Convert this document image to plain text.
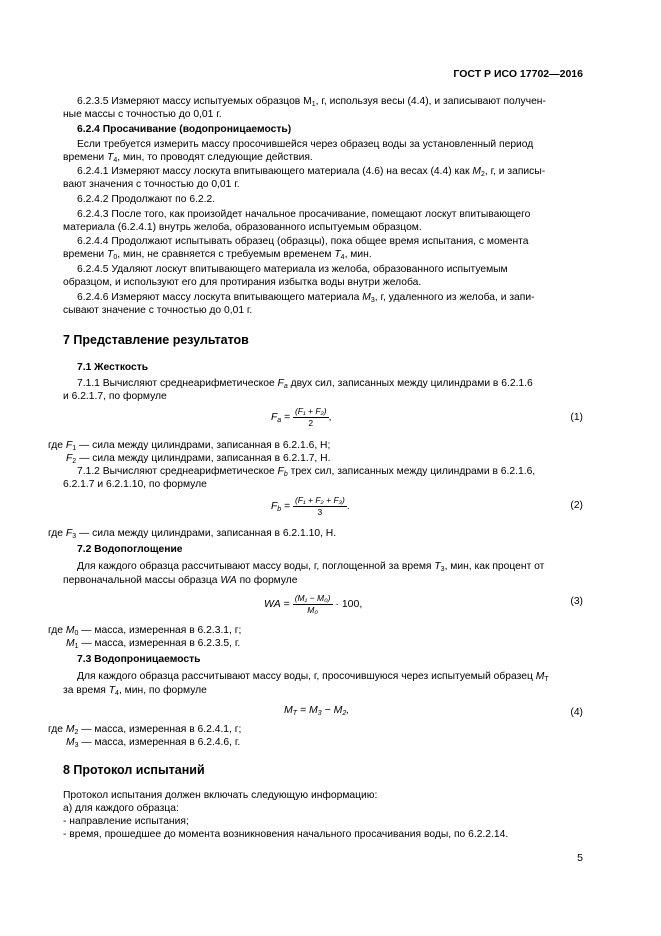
ГОСТ Р ИСО 17702—2016
6.2.3.5 Измеряют массу испытуемых образцов $M_1$, г, используя весы (4.4), и записывают получен-
ные массы с точностью до 0,01 г.
6.2.4 Просачивание (водопроницаемость)
Если требуется измерить массу просочившейся через образец воды за установленный период
времени $T_4$, мин, то проводят следующие действия.
6.2.4.1 Измеряют массу лоскута впитывающего материала (4.6) на весах (4.4) как $M_2$, г, и записы-
вают значения с точностью до 0,01 г.
6.2.4.2 Продолжают по 6.2.2.
6.2.4.3 После того, как произойдет начальное просачивание, помещают лоскут впитывающего
материала (6.2.4.1) внутрь желоба, образованного испытуемым образцом.
6.2.4.4 Продолжают испытывать образец (образцы), пока общее время испытания, с момента
времени $T_0$, мин, не сравняется с требуемым временем $T_4$, мин.
6.2.4.5 Удаляют лоскут впитывающего материала из желоба, образованного испытуемым
образцом, и используют его для протирания избытка воды внутри желоба.
6.2.4.6 Измеряют массу лоскута впитывающего материала $M_3$, г, удаленного из желоба, и запи-
сывают значение с точностью до 0,01 г.
7 Представление результатов
7.1 Жесткость
7.1.1 Вычисляют среднеарифметическое $F_a$ двух сил, записанных между цилиндрами в 6.2.1.6
и 6.2.1.7, по формуле
$F_a = \frac{\text{(F₁ + F₂)}}{2}$ ,	(1)
где $F_1$ — сила между цилиндрами, записанная в 6.2.1.6, Н;
$F_2$ — сила между цилиндрами, записанная в 6.2.1.7, Н.
7.1.2 Вычисляют среднеарифметическое $F_b$ трех сил, записанных между цилиндрами в 6.2.1.6,
6.2.1.7 и 6.2.1.10, по формуле
$F_b = \frac{\text{(F₁ + F₂ + F₃)}}{3}$ .	(2)
где $F_3$ — сила между цилиндрами, записанная в 6.2.1.10, Н.
7.2 Водопоглощение
Для каждого образца рассчитывают массу воды, г, поглощенной за время $T_3$, мин, как процент от
первоначальной массы образца WA по формуле
WA = $\frac{\text{(M₁ − M₀)}}{\text{M₀}} \cdot 100$,	(3)
где $M_0$ — масса, измеренная в 6.2.3.1, г;
$M_1$ — масса, измеренная в 6.2.3.5, г.
7.3 Водопроницаемость
Для каждого образца рассчитывают массу воды, г, просочившуюся через испытуемый образец $M_T$
за время $T_4$, мин, по формуле
$M_T = M_3 - M_2$,	(4)
где $M_2$ — масса, измеренная в 6.2.4.1, г;
$M_3$ — масса, измеренная в 6.2.4.6, г.
8 Протокол испытаний
Протокол испытания должен включать следующую информацию:
а) для каждого образца:
- направление испытания;
- время, прошедшее до момента возникновения начального просачивания воды, по 6.2.2.14.
5
